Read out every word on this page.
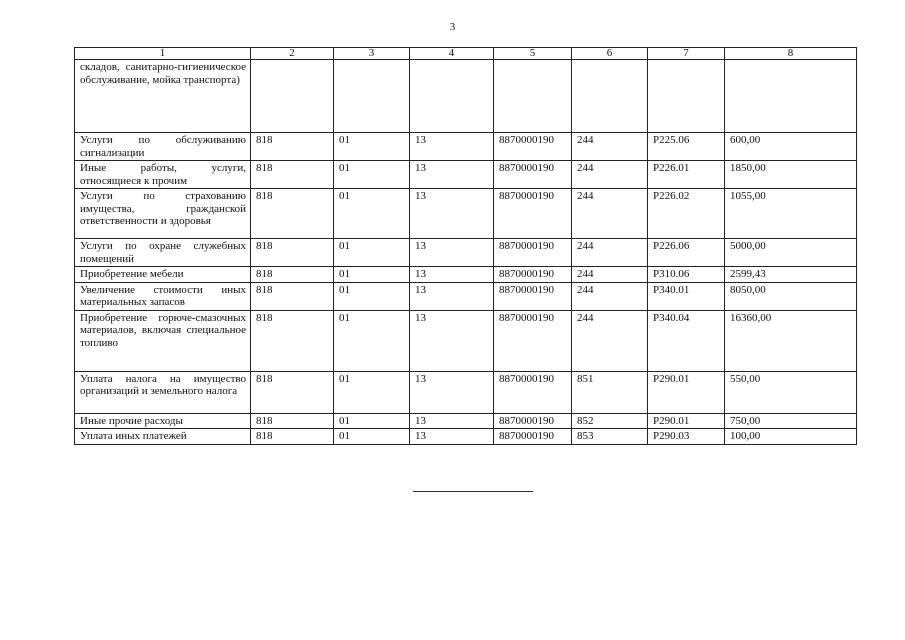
3
1	2	3	4	5	6	7	8
складов, санитарно-гигиеническое обслуживание, мойка транспорта)							
Услуги по обслуживанию сигнализации	818	01	13	8870000190	244	Р225.06	600,00
Иные работы, услуги, относящиеся к прочим	818	01	13	8870000190	244	Р226.01	1850,00
Услуги по страхованию имущества, гражданской ответственности и здоровья	818	01	13	8870000190	244	Р226.02	1055,00
Услуги по охране служебных помещений	818	01	13	8870000190	244	Р226.06	5000,00
Приобретение мебели	818	01	13	8870000190	244	Р310.06	2599,43
Увеличение стоимости иных материальных запасов	818	01	13	8870000190	244	Р340.01	8050,00
Приобретение горюче-смазочных материалов, включая специальное топливо	818	01	13	8870000190	244	Р340.04	16360,00
Уплата налога на имущество организаций и земельного налога	818	01	13	8870000190	851	Р290.01	550,00
Иные прочие расходы	818	01	13	8870000190	852	Р290.01	750,00
Уплата иных платежей	818	01	13	8870000190	853	Р290.03	100,00
